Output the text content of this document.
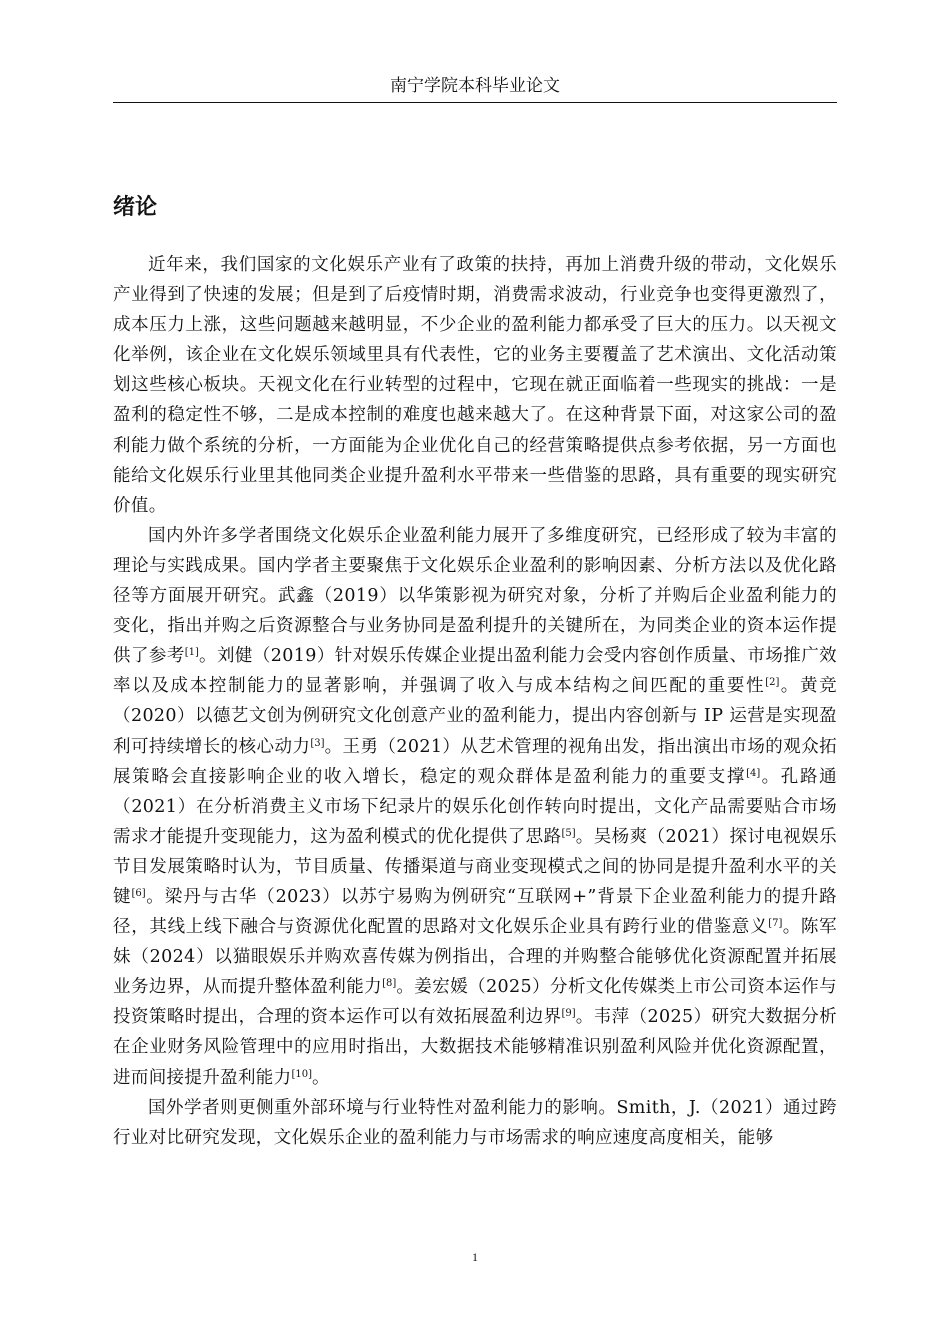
南宁学院本科毕业论文
绪论

近年来，我们国家的文化娱乐产业有了政策的扶持，再加上消费升级的带动，文化娱乐产业得到了快速的发展；但是到了后疫情时期，消费需求波动，行业竞争也变得更激烈了，成本压力上涨，这些问题越来越明显，不少企业的盈利能力都承受了巨大的压力。以天视文化举例，该企业在文化娱乐领域里具有代表性，它的业务主要覆盖了艺术演出、文化活动策划这些核心板块。天视文化在行业转型的过程中，它现在就正面临着一些现实的挑战：一是盈利的稳定性不够，二是成本控制的难度也越来越大了。在这种背景下面，对这家公司的盈利能力做个系统的分析，一方面能为企业优化自己的经营策略提供点参考依据，另一方面也能给文化娱乐行业里其他同类企业提升盈利水平带来一些借鉴的思路，具有重要的现实研究价值。

国内外许多学者围绕文化娱乐企业盈利能力展开了多维度研究，已经形成了较为丰富的理论与实践成果。国内学者主要聚焦于文化娱乐企业盈利的影响因素、分析方法以及优化路径等方面展开研究。武鑫（2019）以华策影视为研究对象，分析了并购后企业盈利能力的变化，指出并购之后资源整合与业务协同是盈利提升的关键所在，为同类企业的资本运作提供了参考[1]。刘健（2019）针对娱乐传媒企业提出盈利能力会受内容创作质量、市场推广效率以及成本控制能力的显著影响，并强调了收入与成本结构之间匹配的重要性[2]。黄竞（2020）以德艺文创为例研究文化创意产业的盈利能力，提出内容创新与 IP 运营是实现盈利可持续增长的核心动力[3]。王勇（2021）从艺术管理的视角出发，指出演出市场的观众拓展策略会直接影响企业的收入增长，稳定的观众群体是盈利能力的重要支撑[4]。孔路通（2021）在分析消费主义市场下纪录片的娱乐化创作转向时提出，文化产品需要贴合市场需求才能提升变现能力，这为盈利模式的优化提供了思路[5]。吴杨爽（2021）探讨电视娱乐节目发展策略时认为，节目质量、传播渠道与商业变现模式之间的协同是提升盈利水平的关键[6]。梁丹与古华（2023）以苏宁易购为例研究“互联网+”背景下企业盈利能力的提升路径，其线上线下融合与资源优化配置的思路对文化娱乐企业具有跨行业的借鉴意义[7]。陈军妹（2024）以猫眼娱乐并购欢喜传媒为例指出，合理的并购整合能够优化资源配置并拓展业务边界，从而提升整体盈利能力[8]。姜宏媛（2025）分析文化传媒类上市公司资本运作与投资策略时提出，合理的资本运作可以有效拓展盈利边界[9]。韦萍（2025）研究大数据分析在企业财务风险管理中的应用时指出，大数据技术能够精准识别盈利风险并优化资源配置，进而间接提升盈利能力[10]。

国外学者则更侧重外部环境与行业特性对盈利能力的影响。Smith，J.（2021）通过跨行业对比研究发现，文化娱乐企业的盈利能力与市场需求的响应速度高度相关，能够

1
